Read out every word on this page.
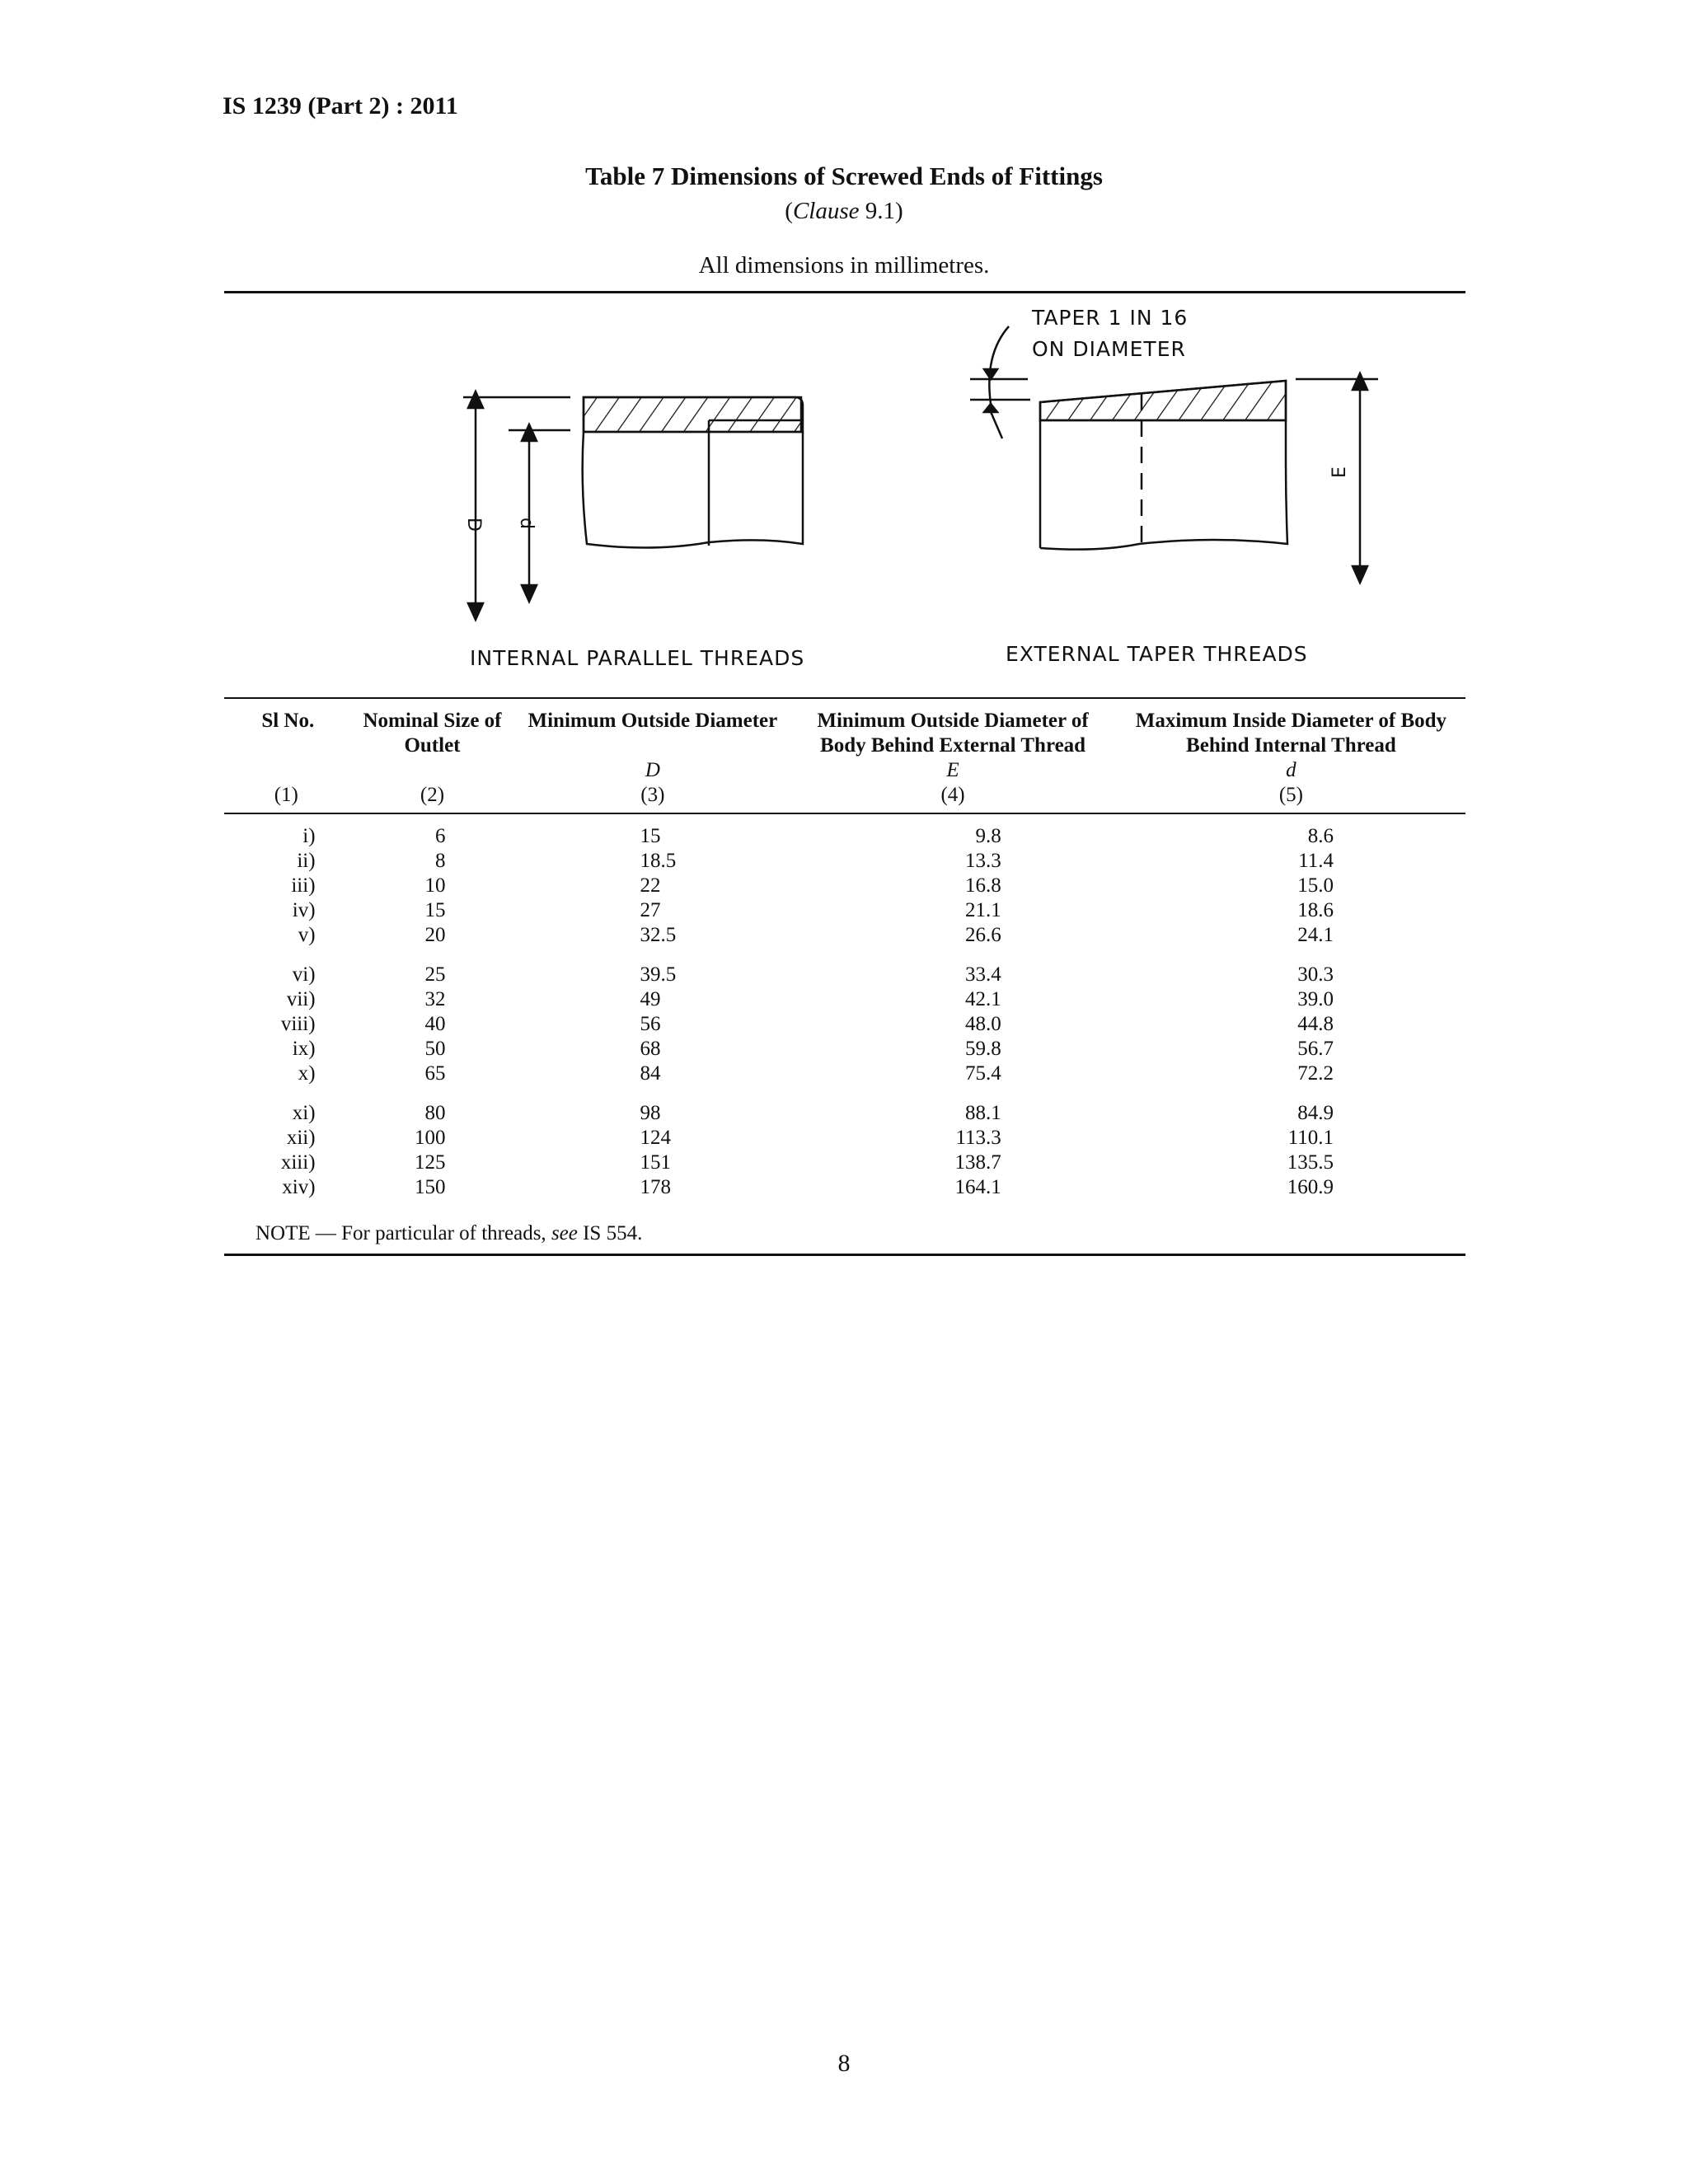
IS 1239 (Part 2) : 2011
Table 7 Dimensions of Screwed Ends of Fittings
(Clause 9.1)
All dimensions in millimetres.
D d
E
TAPER 1 IN 16
ON DIAMETER
INTERNAL PARALLEL THREADS	EXTERNAL TAPER THREADS
Sl No.	Nominal Size of Outlet	Minimum Outside Diameter	Minimum Outside Diameter of Body Behind External Thread	Maximum Inside Diameter of Body Behind Internal Thread
		D	E	d
(1)	(2)	(3)	(4)	(5)
i)	6	15	9.8	8.6
ii)	8	18.5	13.3	11.4
iii)	10	22	16.8	15.0
iv)	15	27	21.1	18.6
v)	20	32.5	26.6	24.1
vi)	25	39.5	33.4	30.3
vii)	32	49	42.1	39.0
viii)	40	56	48.0	44.8
ix)	50	68	59.8	56.7
x)	65	84	75.4	72.2
xi)	80	98	88.1	84.9
xii)	100	124	113.3	110.1
xiii)	125	151	138.7	135.5
xiv)	150	178	164.1	160.9
NOTE — For particular of threads, see IS 554.
8
